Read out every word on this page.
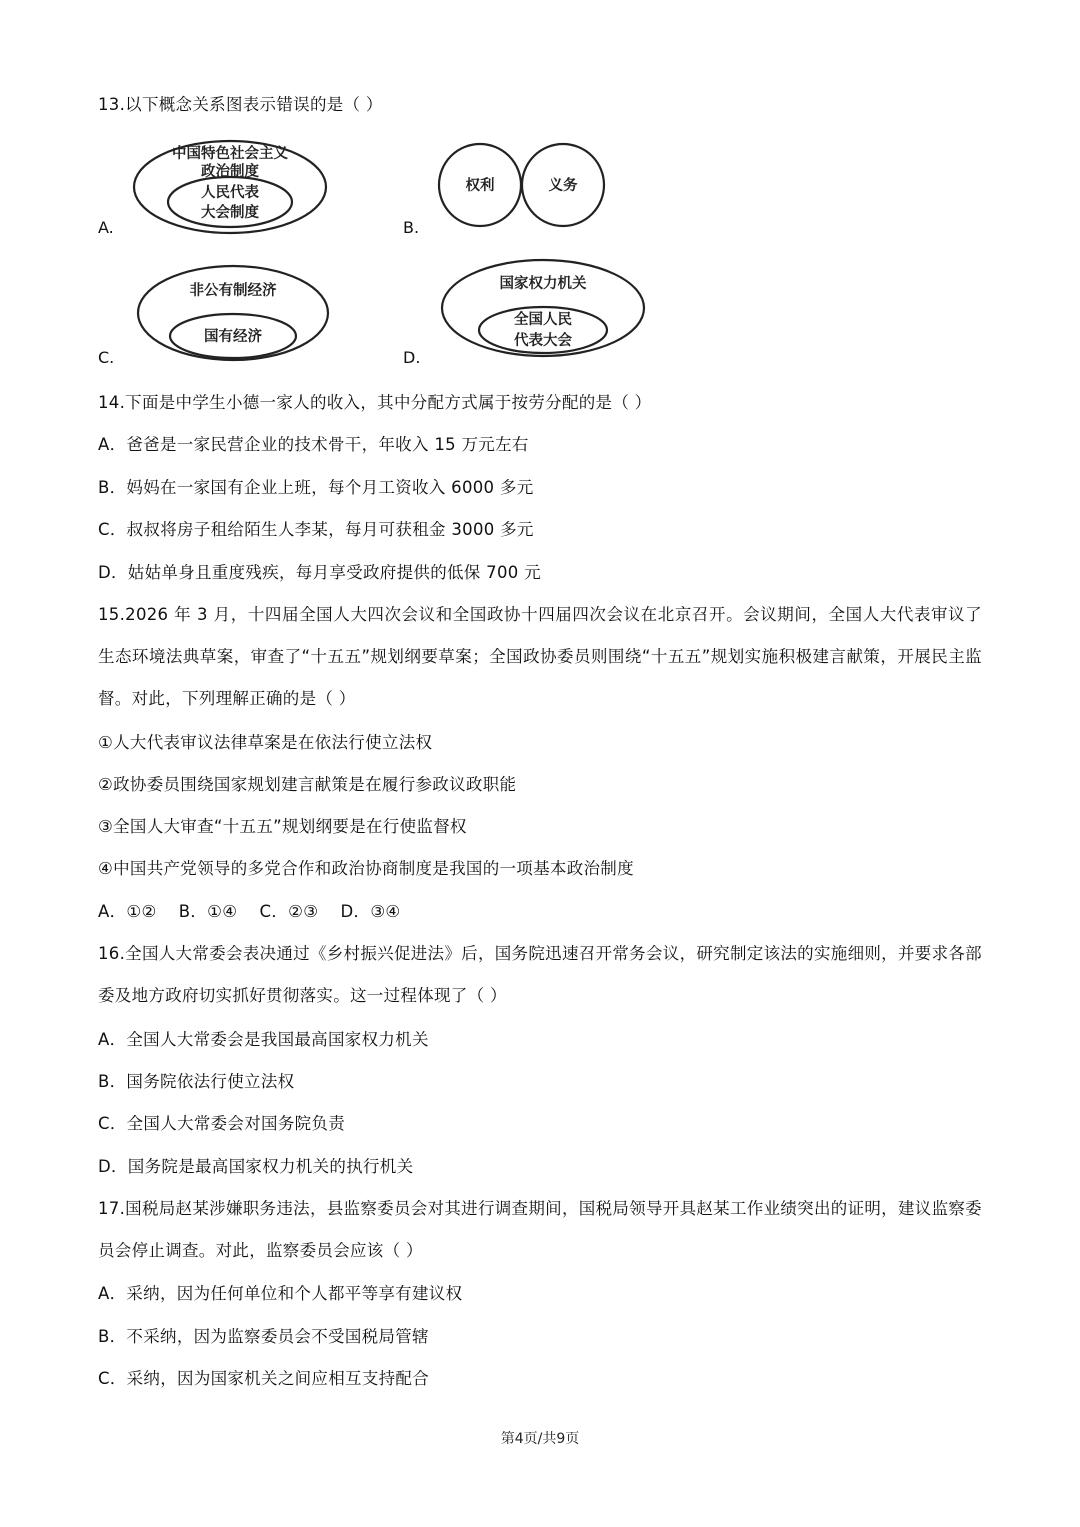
13.以下概念关系图表示错误的是（ ）
A.
中国特色社会主义
政治制度
人民代表
大会制度
B.
权利	义务
C.
非公有制经济
国有经济
D.
国家权力机关
全国人民
代表大会
14.下面是中学生小德一家人的收入，其中分配方式属于按劳分配的是（ ）
A．爸爸是一家民营企业的技术骨干，年收入 15 万元左右
B．妈妈在一家国有企业上班，每个月工资收入 6000 多元
C．叔叔将房子租给陌生人李某，每月可获租金 3000 多元
D．姑姑单身且重度残疾，每月享受政府提供的低保 700 元
15.2026 年 3 月，十四届全国人大四次会议和全国政协十四届四次会议在北京召开。会议期间，全国人大代表审议了生态环境法典草案，审查了“十五五”规划纲要草案；全国政协委员则围绕“十五五”规划实施积极建言献策，开展民主监督。对此，下列理解正确的是（ ）
①人大代表审议法律草案是在依法行使立法权
②政协委员围绕国家规划建言献策是在履行参政议政职能
③全国人大审查“十五五”规划纲要是在行使监督权
④中国共产党领导的多党合作和政治协商制度是我国的一项基本政治制度
A．①②    B．①④    C．②③    D．③④
16.全国人大常委会表决通过《乡村振兴促进法》后，国务院迅速召开常务会议，研究制定该法的实施细则，并要求各部委及地方政府切实抓好贯彻落实。这一过程体现了（ ）
A．全国人大常委会是我国最高国家权力机关
B．国务院依法行使立法权
C．全国人大常委会对国务院负责
D．国务院是最高国家权力机关的执行机关
17.国税局赵某涉嫌职务违法，县监察委员会对其进行调查期间，国税局领导开具赵某工作业绩突出的证明，建议监察委员会停止调查。对此，监察委员会应该（ ）
A．采纳，因为任何单位和个人都平等享有建议权
B．不采纳，因为监察委员会不受国税局管辖
C．采纳，因为国家机关之间应相互支持配合
第4页/共9页
